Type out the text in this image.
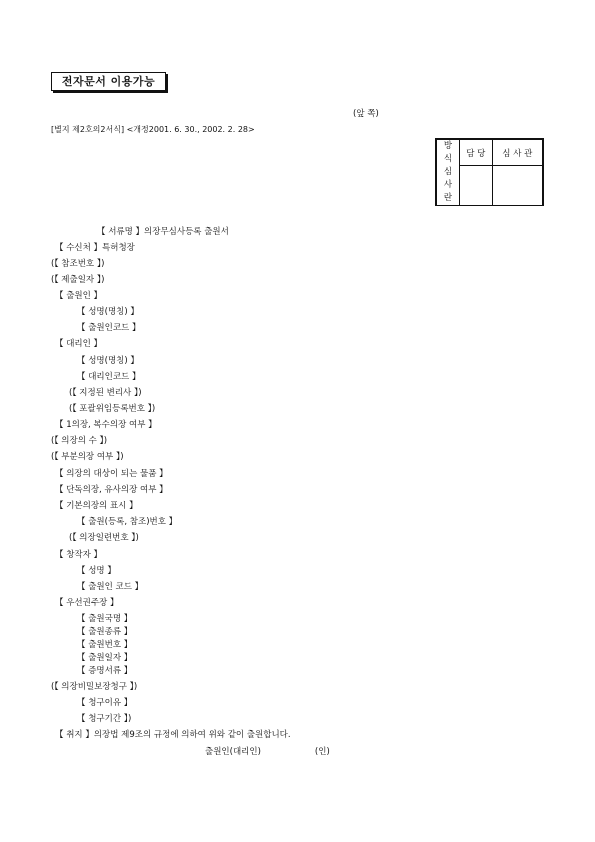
전자문서 이용가능
(앞 쪽)
[별지 제2호의2서식] <개정2001. 6. 30., 2002. 2. 28>
방
식
심
사
란	담 당	심 사 관

【 서류명 】의장무심사등록 출원서
【 수신처 】특허청장
(【 참조번호 】)
(【 제출일자 】)
【 출원인 】
【 성명(명칭) 】
【 출원인코드 】
【 대리인 】
【 성명(명칭) 】
【 대리인코드 】
(【 지정된 변리사 】)
(【 포괄위임등록번호 】)
【 1의장, 복수의장 여부 】
(【 의장의 수 】)
(【 부분의장 여부 】)
【 의장의 대상이 되는 물품 】
【 단독의장, 유사의장 여부 】
【 기본의장의 표시 】
【 출원(등록, 참조)번호 】
(【 의장일련번호 】)
【 창작자 】
【 성명 】
【 출원인 코드 】
【 우선권주장 】
【 출원국명 】
【 출원종류 】
【 출원번호 】
【 출원일자 】
【 증명서류 】
(【 의장비밀보장청구 】)
【 청구이유 】
【 청구기간 】)
【 취지 】의장법 제9조의 규정에 의하여 위와 같이 출원합니다.
출원인(대리인)                    (인)
